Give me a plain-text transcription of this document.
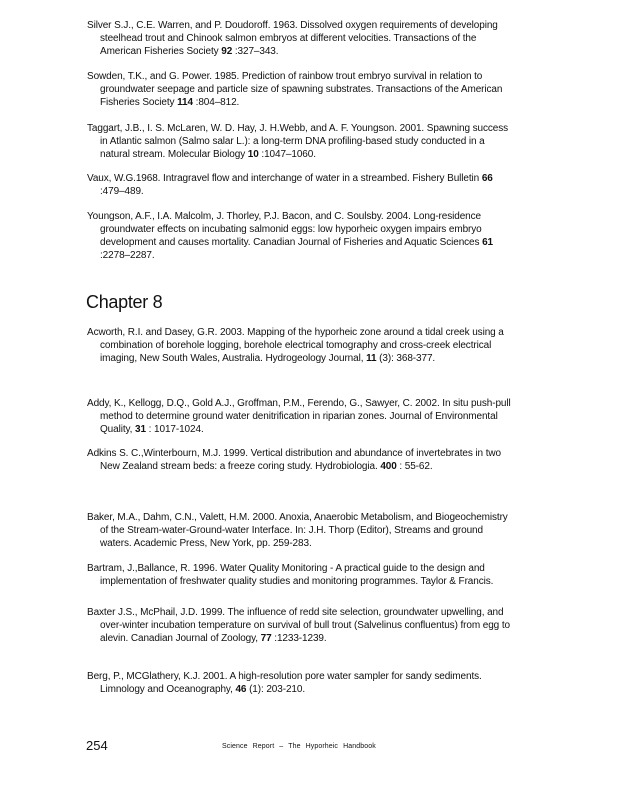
Silver S.J., C.E. Warren, and P. Doudoroff. 1963. Dissolved oxygen requirements of developing steelhead trout and Chinook salmon embryos at different velocities. Transactions of the American Fisheries Society 92 :327–343.

Sowden, T.K., and G. Power. 1985. Prediction of rainbow trout embryo survival in relation to groundwater seepage and particle size of spawning substrates. Transactions of the American Fisheries Society 114 :804–812.

Taggart, J.B., I. S. McLaren, W. D. Hay, J. H.Webb, and A. F. Youngson. 2001. Spawning success in Atlantic salmon (Salmo salar L.): a long-term DNA profiling-based study conducted in a natural stream. Molecular Biology 10 :1047–1060.

Vaux, W.G.1968. Intragravel flow and interchange of water in a streambed. Fishery Bulletin 66 :479–489.

Youngson, A.F., I.A. Malcolm, J. Thorley, P.J. Bacon, and C. Soulsby. 2004. Long-residence groundwater effects on incubating salmonid eggs: low hyporheic oxygen impairs embryo development and causes mortality. Canadian Journal of Fisheries and Aquatic Sciences 61 :2278–2287.

Chapter 8

Acworth, R.I. and Dasey, G.R. 2003. Mapping of the hyporheic zone around a tidal creek using a combination of borehole logging, borehole electrical tomography and cross-creek electrical imaging, New South Wales, Australia. Hydrogeology Journal, 11 (3): 368-377.

Addy, K., Kellogg, D.Q., Gold A.J., Groffman, P.M., Ferendo, G., Sawyer, C. 2002. In situ push-pull method to determine ground water denitrification in riparian zones. Journal of Environmental Quality, 31 : 1017-1024.

Adkins S. C.,Winterbourn, M.J. 1999. Vertical distribution and abundance of invertebrates in two New Zealand stream beds: a freeze coring study. Hydrobiologia. 400 : 55-62.

Baker, M.A., Dahm, C.N., Valett, H.M. 2000. Anoxia, Anaerobic Metabolism, and Biogeochemistry of the Stream-water-Ground-water Interface. In: J.H. Thorp (Editor), Streams and ground waters. Academic Press, New York, pp. 259-283.

Bartram, J.,Ballance, R. 1996. Water Quality Monitoring - A practical guide to the design and implementation of freshwater quality studies and monitoring programmes. Taylor & Francis.

Baxter J.S., McPhail, J.D. 1999. The influence of redd site selection, groundwater upwelling, and over-winter incubation temperature on survival of bull trout (Salvelinus confluentus) from egg to alevin. Canadian Journal of Zoology, 77 :1233-1239.

Berg, P., MCGlathery, K.J. 2001. A high-resolution pore water sampler for sandy sediments. Limnology and Oceanography, 46 (1): 203-210.

254	Science Report – The Hyporheic Handbook
